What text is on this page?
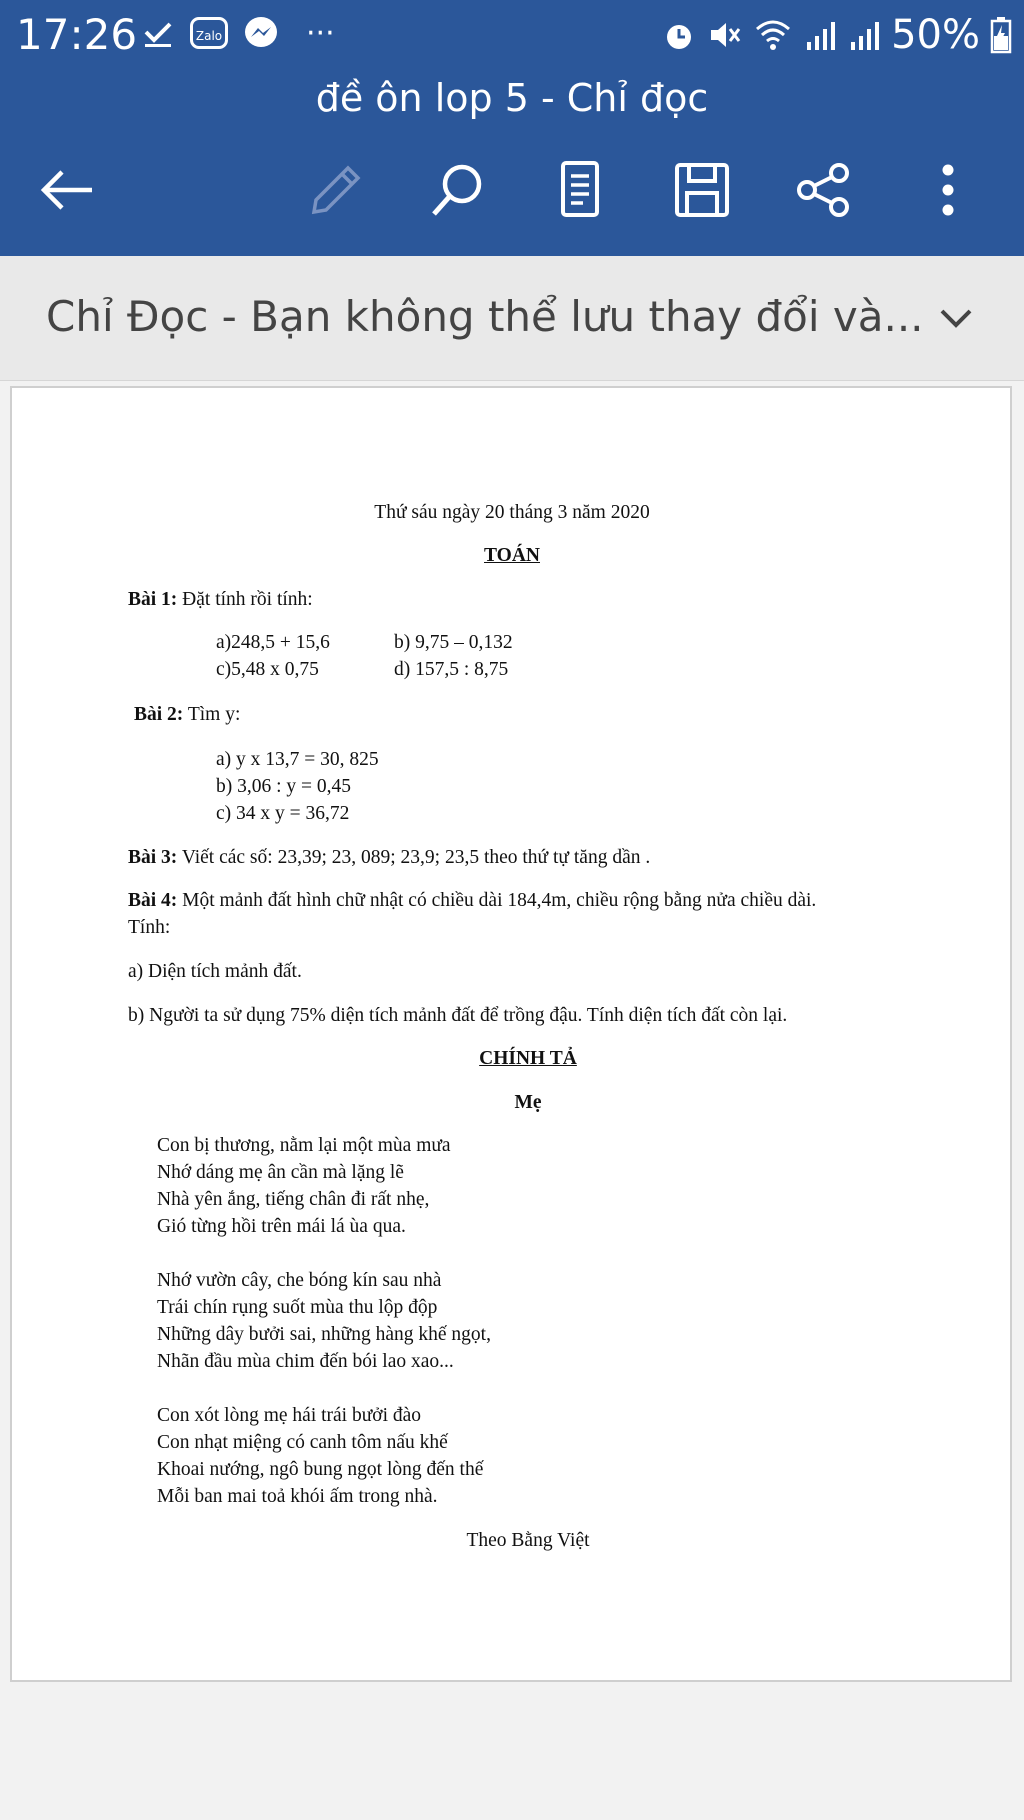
17:26	Zalo	···	50%
đề ôn lop 5 - Chỉ đọc
Chỉ Đọc - Bạn không thể lưu thay đổi và...
Thứ sáu ngày 20 tháng 3 năm 2020
TOÁN
Bài 1: Đặt tính rồi tính:
a)248,5 + 15,6	b) 9,75 – 0,132
c)5,48 x 0,75	d) 157,5 : 8,75
Bài 2: Tìm y:
a) y x 13,7 = 30, 825
b) 3,06 : y = 0,45
c) 34 x y = 36,72
Bài 3: Viết các số: 23,39; 23, 089; 23,9; 23,5 theo thứ tự tăng dần .
Bài 4: Một mảnh đất hình chữ nhật có chiều dài 184,4m, chiều rộng bằng nửa chiều dài.
Tính:
a) Diện tích mảnh đất.
b) Người ta sử dụng 75% diện tích mảnh đất để trồng đậu. Tính diện tích đất còn lại.
CHÍNH TẢ
Mẹ
Con bị thương, nằm lại một mùa mưa
Nhớ dáng mẹ ân cần mà lặng lẽ
Nhà yên ắng, tiếng chân đi rất nhẹ,
Gió từng hồi trên mái lá ùa qua.
Nhớ vườn cây, che bóng kín sau nhà
Trái chín rụng suốt mùa thu lộp độp
Những dây bưởi sai, những hàng khế ngọt,
Nhãn đầu mùa chim đến bói lao xao...
Con xót lòng mẹ hái trái bưởi đào
Con nhạt miệng có canh tôm nấu khế
Khoai nướng, ngô bung ngọt lòng đến thế
Mỗi ban mai toả khói ấm trong nhà.
Theo Bằng Việt
